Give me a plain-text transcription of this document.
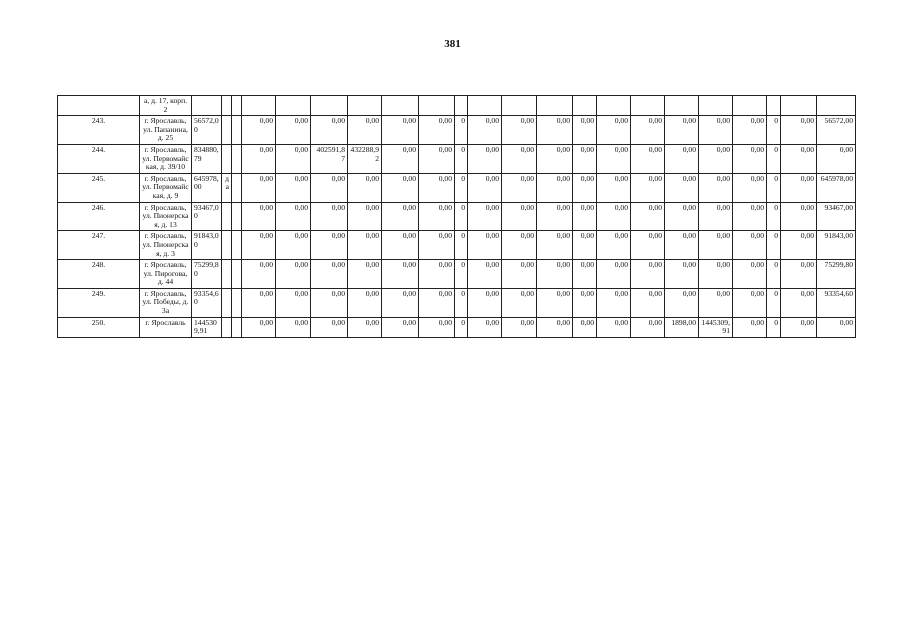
381
	а, д. 17, корп. 2																						
243.	г. Ярославль, ул. Папанина, д. 25	56572,00			0,00	0,00	0,00	0,00	0,00	0,00	0	0,00	0,00	0,00	0,00	0,00	0,00	0,00	0,00	0,00	0	0,00	56572,00
244.	г. Ярославль, ул. Первомайская, д. 39/10	834880,79			0,00	0,00	402591,87	432288,92	0,00	0,00	0	0,00	0,00	0,00	0,00	0,00	0,00	0,00	0,00	0,00	0	0,00	0,00
245.	г. Ярославль, ул. Первомайская, д. 9	645978,00	да		0,00	0,00	0,00	0,00	0,00	0,00	0	0,00	0,00	0,00	0,00	0,00	0,00	0,00	0,00	0,00	0	0,00	645978,00
246.	г. Ярославль, ул. Пионерская, д. 13	93467,00			0,00	0,00	0,00	0,00	0,00	0,00	0	0,00	0,00	0,00	0,00	0,00	0,00	0,00	0,00	0,00	0	0,00	93467,00
247.	г. Ярославль, ул. Пионерская, д. 3	91843,00			0,00	0,00	0,00	0,00	0,00	0,00	0	0,00	0,00	0,00	0,00	0,00	0,00	0,00	0,00	0,00	0	0,00	91843,00
248.	г. Ярославль, ул. Пирогова, д. 44	75299,80			0,00	0,00	0,00	0,00	0,00	0,00	0	0,00	0,00	0,00	0,00	0,00	0,00	0,00	0,00	0,00	0	0,00	75299,80
249.	г. Ярославль, ул. Победы, д. 3а	93354,60			0,00	0,00	0,00	0,00	0,00	0,00	0	0,00	0,00	0,00	0,00	0,00	0,00	0,00	0,00	0,00	0	0,00	93354,60
250.	г. Ярославль	1445309,91			0,00	0,00	0,00	0,00	0,00	0,00	0	0,00	0,00	0,00	0,00	0,00	0,00	1898,00	1445309,91	0,00	0	0,00	0,00
